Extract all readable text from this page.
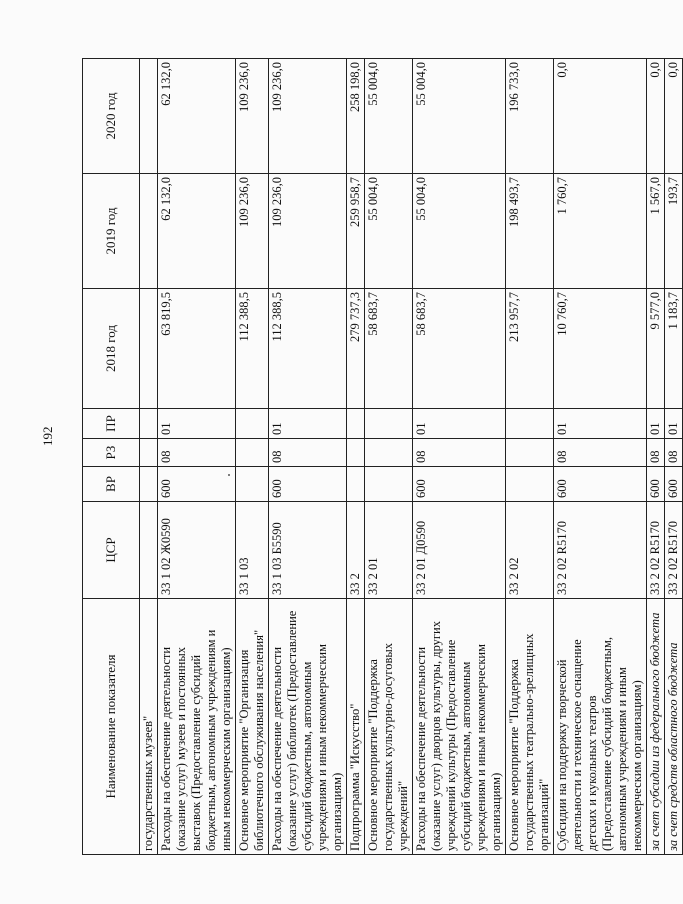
192
Наименование показателя	ЦСР	ВР	РЗ	ПР	2018 год	2019 год	2020 год
государственных музеев"							
Расходы на обеспечение деятельности (оказание услуг) музеев и постоянных выставок (Предоставление субсидий бюджетным, автономным учреждениям и иным некоммерческим организациям)	33 1 02 Ж0590	600	08	01	63 819,5	62 132,0	62 132,0
Основное мероприятие "Организация библиотечного обслуживания населения"	33 1 03				112 388,5	109 236,0	109 236,0
Расходы на обеспечение деятельности (оказание услуг) библиотек (Предоставление субсидий бюджетным, автономным учреждениям и иным некоммерческим организациям)	33 1 03 Б5590	600	08	01	112 388,5	109 236,0	109 236,0
Подпрограмма "Искусство"	33 2				279 737,3	259 958,7	258 198,0
Основное мероприятие "Поддержка государственных культурно-досуговых учреждений"	33 2 01				58 683,7	55 004,0	55 004,0
Расходы на обеспечение деятельности (оказание услуг) дворцов культуры, других учреждений культуры (Предоставление субсидий бюджетным, автономным учреждениям и иным некоммерческим организациям)	33 2 01 Д0590	600	08	01	58 683,7	55 004,0	55 004,0
Основное мероприятие "Поддержка государственных театрально-зрелищных организаций"	33 2 02				213 957,7	198 493,7	196 733,0
Субсидии на поддержку творческой деятельности и техническое оснащение детских и кукольных театров (Предоставление субсидий бюджетным, автономным учреждениям и иным некоммерческим организациям)	33 2 02 R5170	600	08	01	10 760,7	1 760,7	0,0
за счет субсидии из федерального бюджета	33 2 02 R5170	600	08	01	9 577,0	1 567,0	0,0
за счет средств областного бюджета	33 2 02 R5170	600	08	01	1 183,7	193,7	0,0
